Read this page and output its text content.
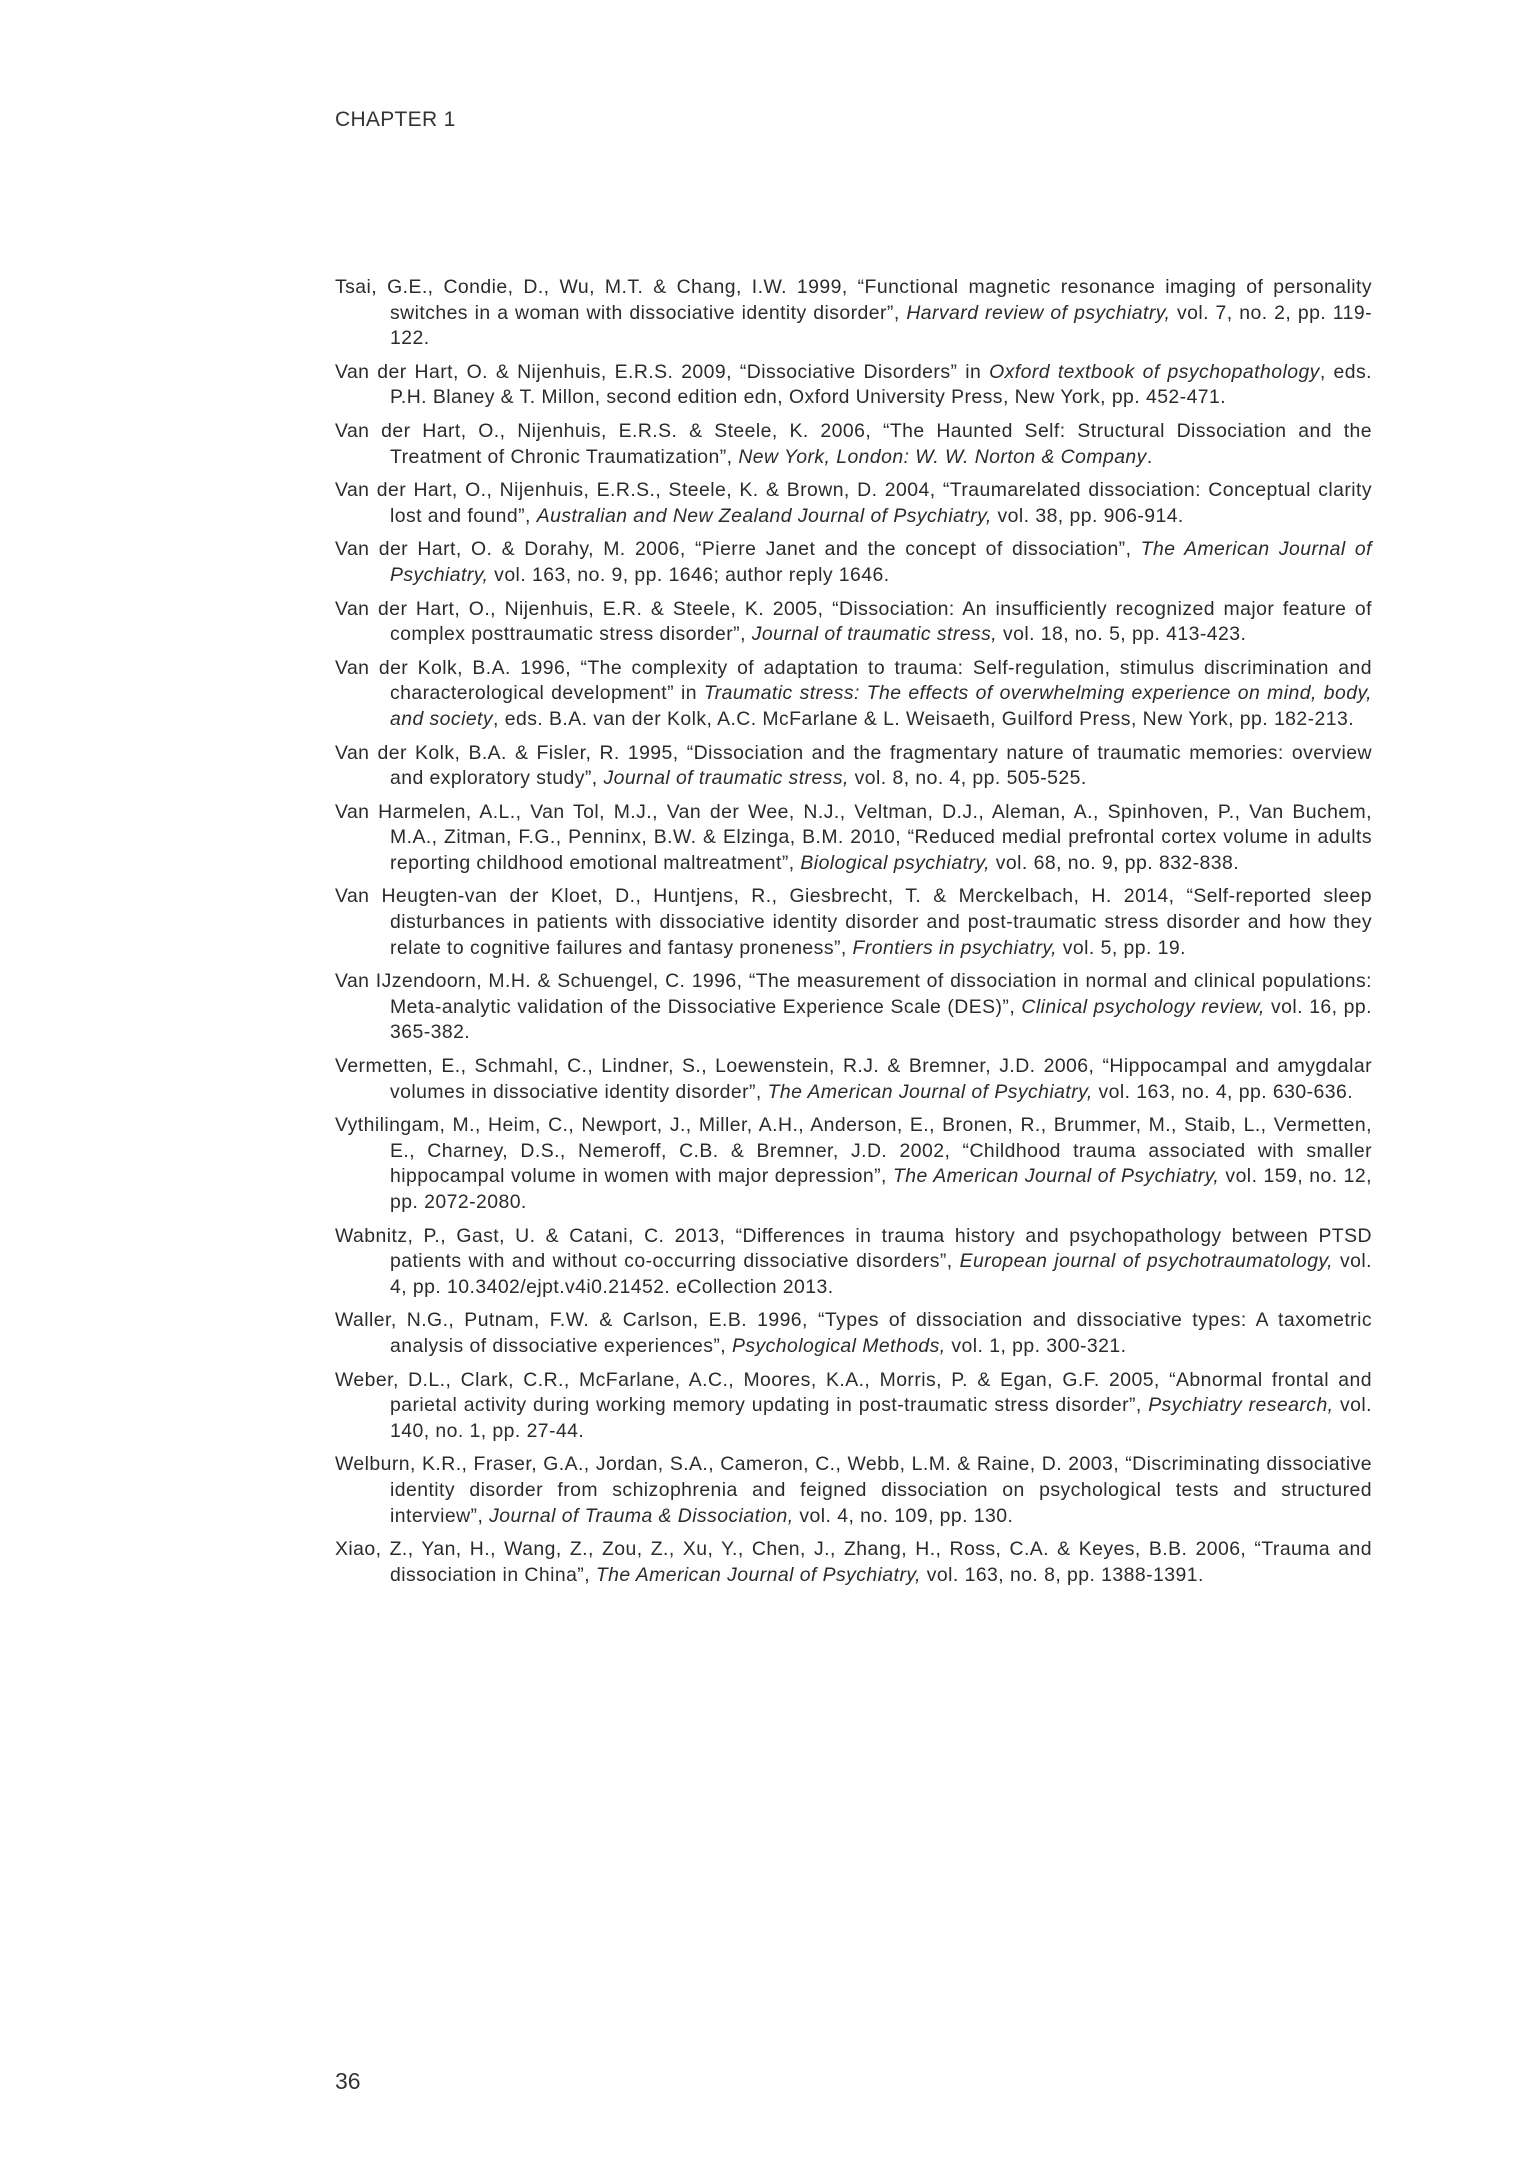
CHAPTER 1

Tsai, G.E., Condie, D., Wu, M.T. & Chang, I.W. 1999, “Functional magnetic resonance imaging of personality switches in a woman with dissociative identity disorder”, Harvard review of psychiatry, vol. 7, no. 2, pp. 119-122.

Van der Hart, O. & Nijenhuis, E.R.S. 2009, “Dissociative Disorders” in Oxford textbook of psychopathology, eds. P.H. Blaney & T. Millon, second edition edn, Oxford University Press, New York, pp. 452-471.

Van der Hart, O., Nijenhuis, E.R.S. & Steele, K. 2006, “The Haunted Self: Structural Dissociation and the Treatment of Chronic Traumatization”, New York, London: W. W. Norton & Company.

Van der Hart, O., Nijenhuis, E.R.S., Steele, K. & Brown, D. 2004, “Traumarelated dissociation: Conceptual clarity lost and found”, Australian and New Zealand Journal of Psychiatry, vol. 38, pp. 906-914.

Van der Hart, O. & Dorahy, M. 2006, “Pierre Janet and the concept of dissociation”, The American Journal of Psychiatry, vol. 163, no. 9, pp. 1646; author reply 1646.

Van der Hart, O., Nijenhuis, E.R. & Steele, K. 2005, “Dissociation: An insufficiently recognized major feature of complex posttraumatic stress disorder”, Journal of traumatic stress, vol. 18, no. 5, pp. 413-423.

Van der Kolk, B.A. 1996, “The complexity of adaptation to trauma: Self-regulation, stimulus discrimination and characterological development” in Traumatic stress: The effects of overwhelming experience on mind, body, and society, eds. B.A. van der Kolk, A.C. McFarlane & L. Weisaeth, Guilford Press, New York, pp. 182-213.

Van der Kolk, B.A. & Fisler, R. 1995, “Dissociation and the fragmentary nature of traumatic memories: overview and exploratory study”, Journal of traumatic stress, vol. 8, no. 4, pp. 505-525.

Van Harmelen, A.L., Van Tol, M.J., Van der Wee, N.J., Veltman, D.J., Aleman, A., Spinhoven, P., Van Buchem, M.A., Zitman, F.G., Penninx, B.W. & Elzinga, B.M. 2010, “Reduced medial prefrontal cortex volume in adults reporting childhood emotional maltreatment”, Biological psychiatry, vol. 68, no. 9, pp. 832-838.

Van Heugten-van der Kloet, D., Huntjens, R., Giesbrecht, T. & Merckelbach, H. 2014, “Self-reported sleep disturbances in patients with dissociative identity disorder and post-traumatic stress disorder and how they relate to cognitive failures and fantasy proneness”, Frontiers in psychiatry, vol. 5, pp. 19.

Van IJzendoorn, M.H. & Schuengel, C. 1996, “The measurement of dissociation in normal and clinical populations: Meta-analytic validation of the Dissociative Experience Scale (DES)”, Clinical psychology review, vol. 16, pp. 365-382.

Vermetten, E., Schmahl, C., Lindner, S., Loewenstein, R.J. & Bremner, J.D. 2006, “Hippocampal and amygdalar volumes in dissociative identity disorder”, The American Journal of Psychiatry, vol. 163, no. 4, pp. 630-636.

Vythilingam, M., Heim, C., Newport, J., Miller, A.H., Anderson, E., Bronen, R., Brummer, M., Staib, L., Vermetten, E., Charney, D.S., Nemeroff, C.B. & Bremner, J.D. 2002, “Childhood trauma associated with smaller hippocampal volume in women with major depression”, The American Journal of Psychiatry, vol. 159, no. 12, pp. 2072-2080.

Wabnitz, P., Gast, U. & Catani, C. 2013, “Differences in trauma history and psychopathology between PTSD patients with and without co-occurring dissociative disorders”, European journal of psychotraumatology, vol. 4, pp. 10.3402/ejpt.v4i0.21452. eCollection 2013.

Waller, N.G., Putnam, F.W. & Carlson, E.B. 1996, “Types of dissociation and dissociative types: A taxometric analysis of dissociative experiences”, Psychological Methods, vol. 1, pp. 300-321.

Weber, D.L., Clark, C.R., McFarlane, A.C., Moores, K.A., Morris, P. & Egan, G.F. 2005, “Abnormal frontal and parietal activity during working memory updating in post-traumatic stress disorder”, Psychiatry research, vol. 140, no. 1, pp. 27-44.

Welburn, K.R., Fraser, G.A., Jordan, S.A., Cameron, C., Webb, L.M. & Raine, D. 2003, “Discriminating dissociative identity disorder from schizophrenia and feigned dissociation on psychological tests and structured interview”, Journal of Trauma & Dissociation, vol. 4, no. 109, pp. 130.

Xiao, Z., Yan, H., Wang, Z., Zou, Z., Xu, Y., Chen, J., Zhang, H., Ross, C.A. & Keyes, B.B. 2006, “Trauma and dissociation in China”, The American Journal of Psychiatry, vol. 163, no. 8, pp. 1388-1391.

36
